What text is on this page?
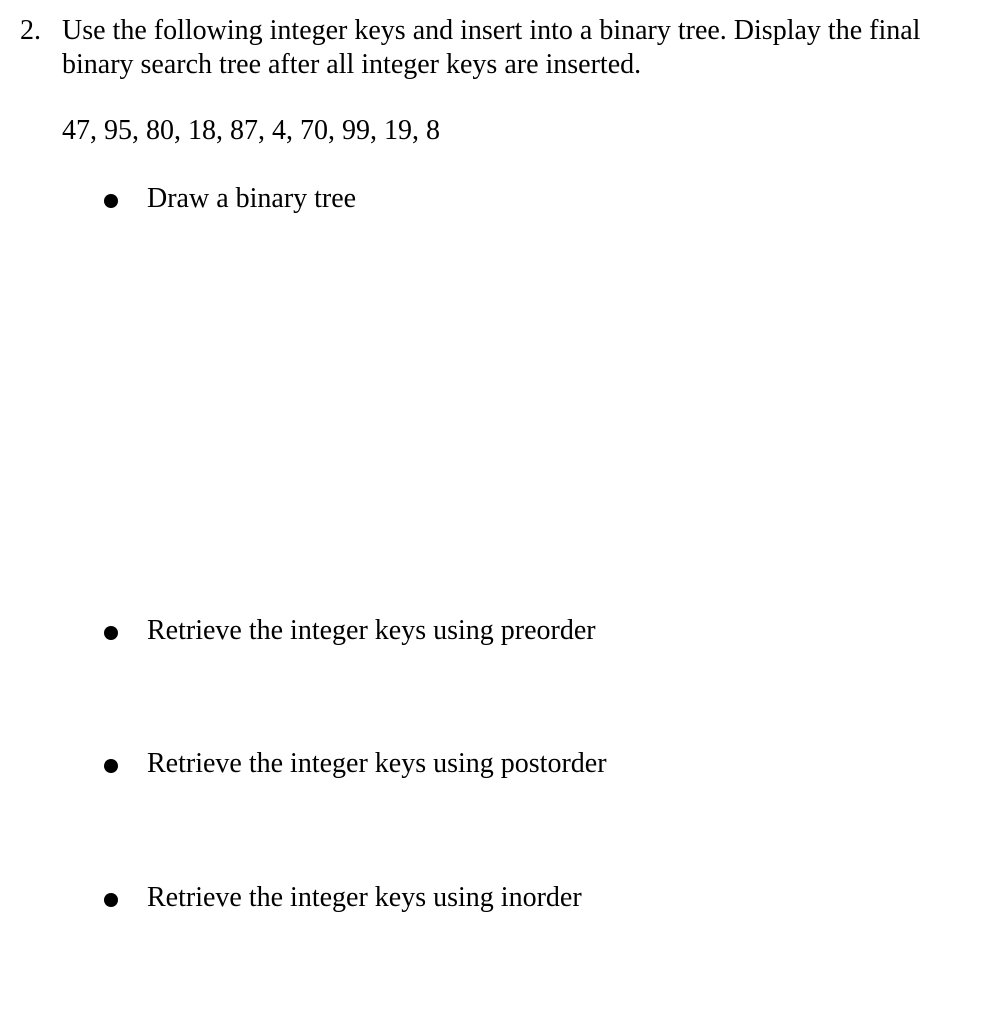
2. Use the following integer keys and insert into a binary tree. Display the final
binary search tree after all integer keys are inserted.
47, 95, 80, 18, 87, 4, 70, 99, 19, 8
Draw a binary tree
Retrieve the integer keys using preorder
Retrieve the integer keys using postorder
Retrieve the integer keys using inorder
